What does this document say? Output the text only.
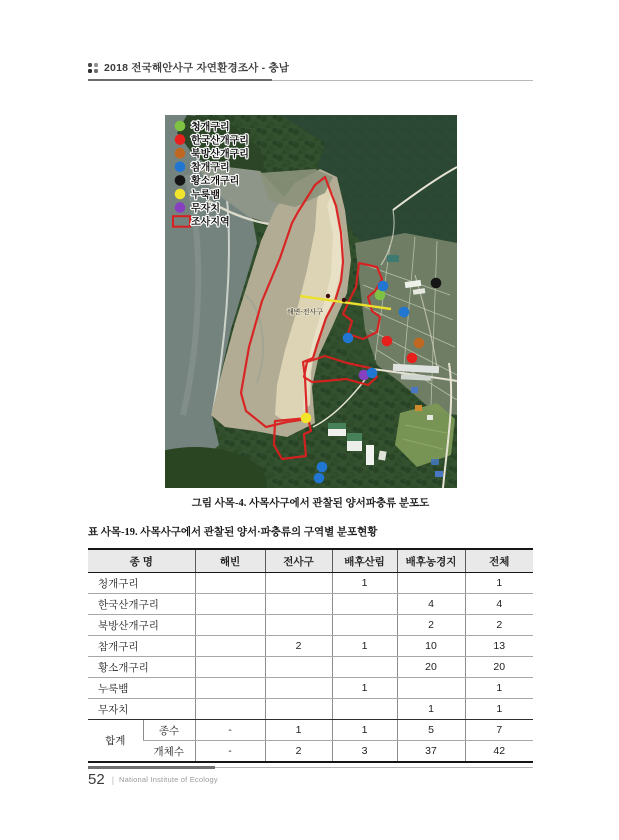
2018 전국해안사구 자연환경조사 - 충남
해변-전사구
청개구리
한국산개구리
북방산개구리
참개구리
황소개구리
누룩뱀
무자치
조사지역
그림 사목-4. 사목사구에서 관찰된 양서파충류 분포도
표 사목-19. 사목사구에서 관찰된 양서·파충류의 구역별 분포현황
종 명		해빈	전사구	배후산림	배후농경지	전체
청개구리				1		1
한국산개구리					4	4
북방산개구리					2	2
참개구리			2	1	10	13
황소개구리					20	20
누룩뱀				1		1
무자치					1	1
합계	종수	-	1	1	5	7
	개체수	-	2	3	37	42
52 | National Institute of Ecology
